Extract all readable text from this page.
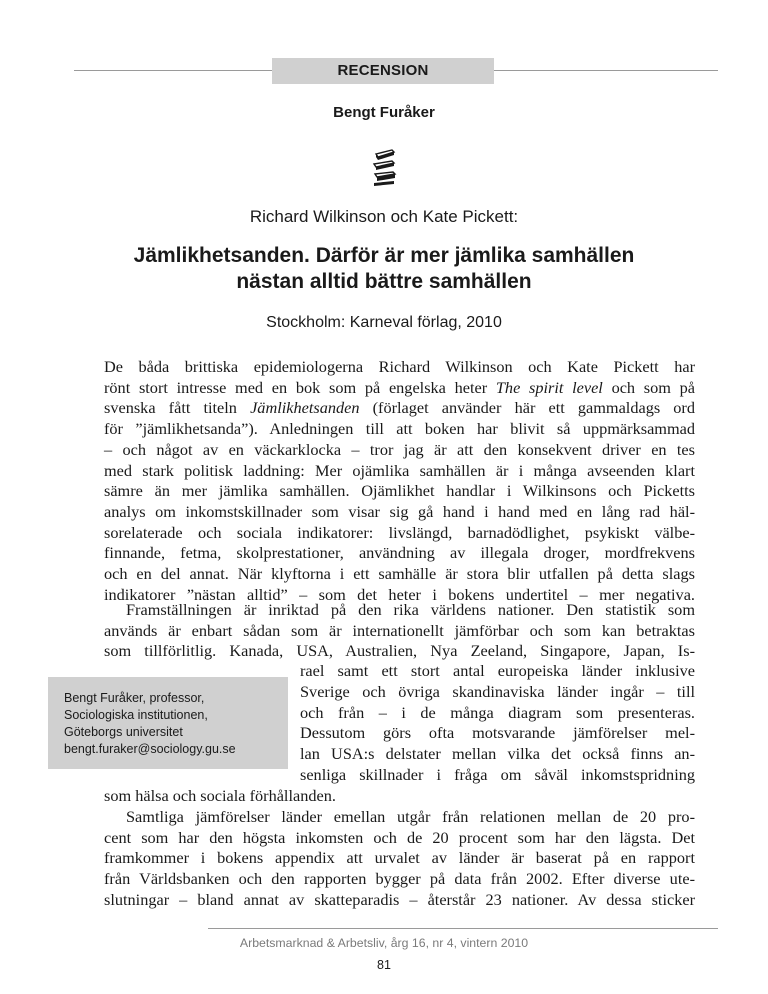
RECENSION
Bengt Furåker
Richard Wilkinson och Kate Pickett:
Jämlikhetsanden. Därför är mer jämlika samhällen
nästan alltid bättre samhällen
Stockholm: Karneval förlag, 2010
De båda brittiska epidemiologerna Richard Wilkinson och Kate Pickett har
rönt stort intresse med en bok som på engelska heter The spirit level och som på
svenska fått titeln Jämlikhetsanden (förlaget använder här ett gammaldags ord
för ”jämlikhetsanda”). Anledningen till att boken har blivit så uppmärksammad
– och något av en väckarklocka – tror jag är att den konsekvent driver en tes
med stark politisk laddning: Mer ojämlika samhällen är i många avseenden klart
sämre än mer jämlika samhällen. Ojämlikhet handlar i Wilkinsons och Picketts
analys om inkomstskillnader som visar sig gå hand i hand med en lång rad häl-
sorelaterade och sociala indikatorer: livslängd, barnadödlighet, psykiskt välbe-
finnande, fetma, skolprestationer, användning av illegala droger, mordfrekvens
och en del annat. När klyftorna i ett samhälle är stora blir utfallen på detta slags
indikatorer ”nästan alltid” – som det heter i bokens undertitel – mer negativa.
Framställningen är inriktad på den rika världens nationer. Den statistik som
används är enbart sådan som är internationellt jämförbar och som kan betraktas
som tillförlitlig. Kanada, USA, Australien, Nya Zeeland, Singapore, Japan, Is-
rael samt ett stort antal europeiska länder inklusive
Sverige och övriga skandinaviska länder ingår – till
och från – i de många diagram som presenteras.
Dessutom görs ofta motsvarande jämförelser mel-
lan USA:s delstater mellan vilka det också finns an-
senliga skillnader i fråga om såväl inkomstspridning
som hälsa och sociala förhållanden.
Samtliga jämförelser länder emellan utgår från relationen mellan de 20 pro-
cent som har den högsta inkomsten och de 20 procent som har den lägsta. Det
framkommer i bokens appendix att urvalet av länder är baserat på en rapport
från Världsbanken och den rapporten bygger på data från 2002. Efter diverse ute-
slutningar – bland annat av skatteparadis – återstår 23 nationer. Av dessa sticker
Bengt Furåker, professor,
Sociologiska institutionen,
Göteborgs universitet
bengt.furaker@sociology.gu.se
Arbetsmarknad & Arbetsliv, årg 16, nr 4, vintern 2010
81
